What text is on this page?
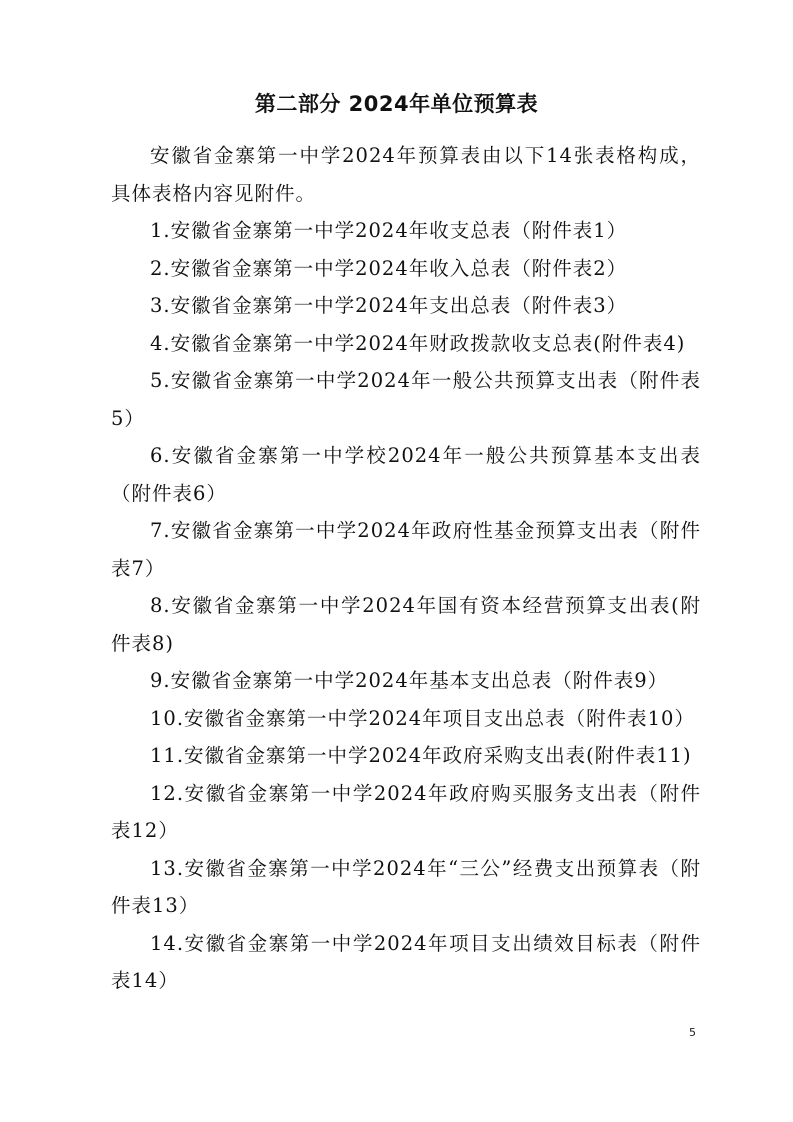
第二部分 2024年单位预算表

安徽省金寨第一中学2024年预算表由以下14张表格构成，具体表格内容见附件。

1.安徽省金寨第一中学2024年收支总表（附件表1）

2.安徽省金寨第一中学2024年收入总表（附件表2）

3.安徽省金寨第一中学2024年支出总表（附件表3）

4.安徽省金寨第一中学2024年财政拨款收支总表(附件表4)

5.安徽省金寨第一中学2024年一般公共预算支出表（附件表5）

6.安徽省金寨第一中学校2024年一般公共预算基本支出表（附件表6）

7.安徽省金寨第一中学2024年政府性基金预算支出表（附件表7）

8.安徽省金寨第一中学2024年国有资本经营预算支出表(附件表8)

9.安徽省金寨第一中学2024年基本支出总表（附件表9）

10.安徽省金寨第一中学2024年项目支出总表（附件表10）

11.安徽省金寨第一中学2024年政府采购支出表(附件表11)

12.安徽省金寨第一中学2024年政府购买服务支出表（附件表12）

13.安徽省金寨第一中学2024年“三公”经费支出预算表（附件表13）

14.安徽省金寨第一中学2024年项目支出绩效目标表（附件表14）

5
